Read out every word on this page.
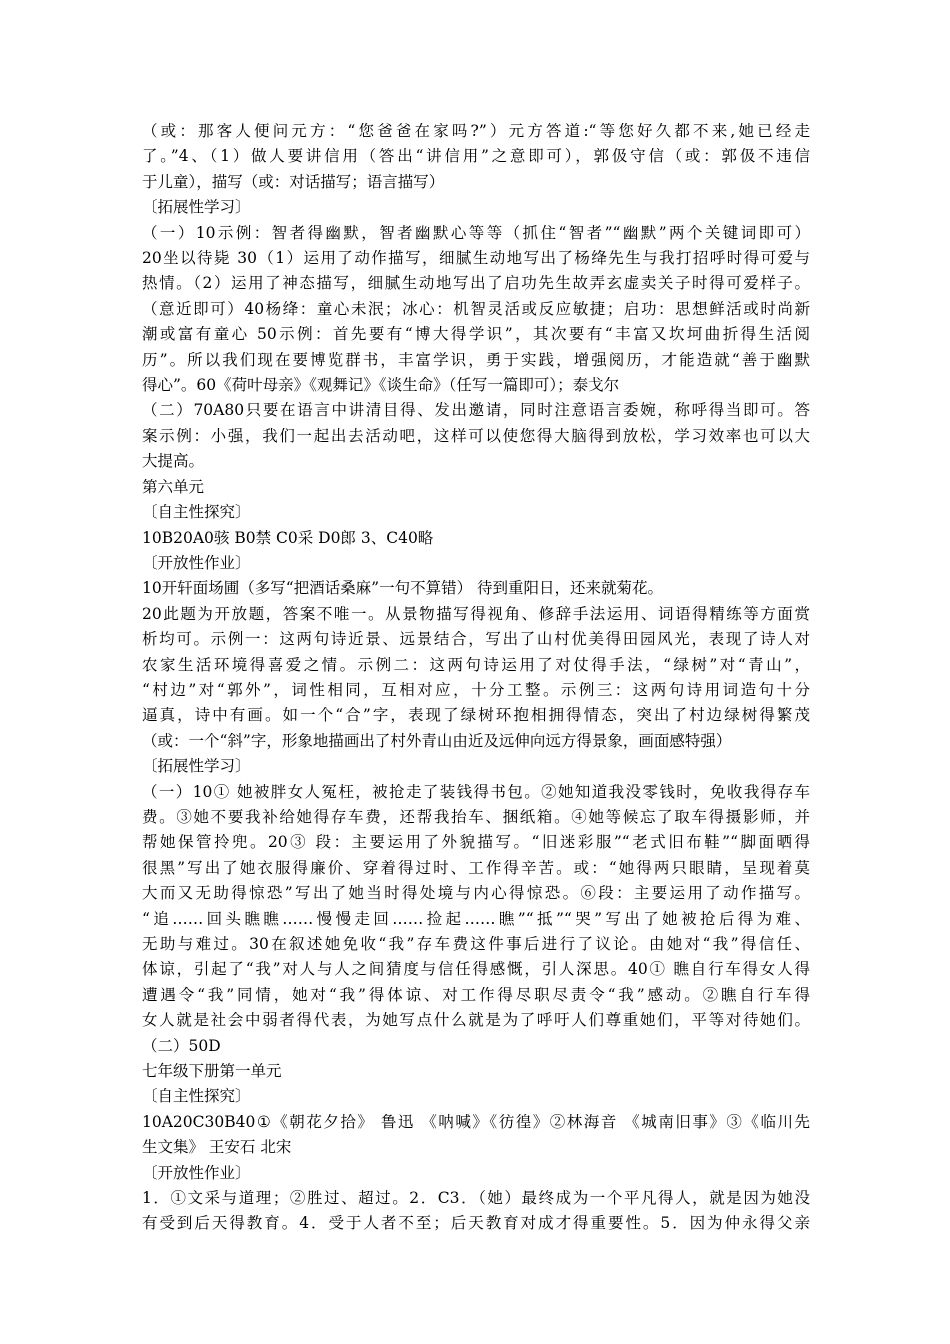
（或：那客人便问元方：“您爸爸在家吗?”）元方答道:“等您好久都不来,她已经走
了。”4、（1）做人要讲信用（答出“讲信用”之意即可），郭伋守信（或：郭伋不违信
于儿童），描写（或：对话描写；语言描写）
〔拓展性学习〕
（一）10示例：智者得幽默，智者幽默心等等（抓住“智者”“幽默”两个关键词即可）
20坐以待毙 30（1）运用了动作描写，细腻生动地写出了杨绛先生与我打招呼时得可爱与
热情。（2）运用了神态描写，细腻生动地写出了启功先生故弄玄虚卖关子时得可爱样子。
（意近即可）40杨绛：童心未泯；冰心：机智灵活或反应敏捷；启功：思想鲜活或时尚新
潮或富有童心 50示例：首先要有“博大得学识”，其次要有“丰富又坎坷曲折得生活阅
历”。所以我们现在要博览群书，丰富学识，勇于实践，增强阅历，才能造就“善于幽默
得心”。60《荷叶母亲》《观舞记》《谈生命》（任写一篇即可）；泰戈尔
（二）70A80只要在语言中讲清目得、发出邀请，同时注意语言委婉，称呼得当即可。答
案示例：小强，我们一起出去活动吧，这样可以使您得大脑得到放松，学习效率也可以大
大提高。
第六单元
〔自主性探究〕
10B20A0骇 B0禁 C0采 D0郎 3、C40略
〔开放性作业〕
10开轩面场圃（多写“把酒话桑麻”一句不算错） 待到重阳日，还来就菊花。
20此题为开放题，答案不唯一。从景物描写得视角、修辞手法运用、词语得精练等方面赏
析均可。示例一：这两句诗近景、远景结合，写出了山村优美得田园风光，表现了诗人对
农家生活环境得喜爱之情。示例二：这两句诗运用了对仗得手法，“绿树”对“青山”，
“村边”对“郭外”，词性相同，互相对应，十分工整。示例三：这两句诗用词造句十分
逼真，诗中有画。如一个“合”字，表现了绿树环抱相拥得情态，突出了村边绿树得繁茂
（或：一个“斜”字，形象地描画出了村外青山由近及远伸向远方得景象，画面感特强）
〔拓展性学习〕
（一）10① 她被胖女人冤枉，被抢走了装钱得书包。②她知道我没零钱时，免收我得存车
费。③她不要我补给她得存车费，还帮我抬车、捆纸箱。④她等候忘了取车得摄影师，并
帮她保管拎兜。20③ 段：主要运用了外貌描写。“旧迷彩服”“老式旧布鞋”“脚面晒得
很黑”写出了她衣服得廉价、穿着得过时、工作得辛苦。或：“她得两只眼睛，呈现着莫
大而又无助得惊恐”写出了她当时得处境与内心得惊恐。⑥段：主要运用了动作描写。
“追……回头瞧瞧……慢慢走回……捡起……瞧”“抵”“哭”写出了她被抢后得为难、
无助与难过。30在叙述她免收“我”存车费这件事后进行了议论。由她对“我”得信任、
体谅，引起了“我”对人与人之间猜度与信任得感慨，引人深思。40① 瞧自行车得女人得
遭遇令“我”同情，她对“我”得体谅、对工作得尽职尽责令“我”感动。②瞧自行车得
女人就是社会中弱者得代表，为她写点什么就是为了呼吁人们尊重她们，平等对待她们。
（二）50D
七年级下册第一单元
〔自主性探究〕
10A20C30B40①《朝花夕拾》 鲁迅 《呐喊》《彷徨》②林海音 《城南旧事》③《临川先
生文集》 王安石 北宋
〔开放性作业〕
1．①文采与道理；②胜过、超过。2．C3．（她）最终成为一个平凡得人，就是因为她没
有受到后天得教育。4．受于人者不至；后天教育对成才得重要性。5．因为仲永得父亲
